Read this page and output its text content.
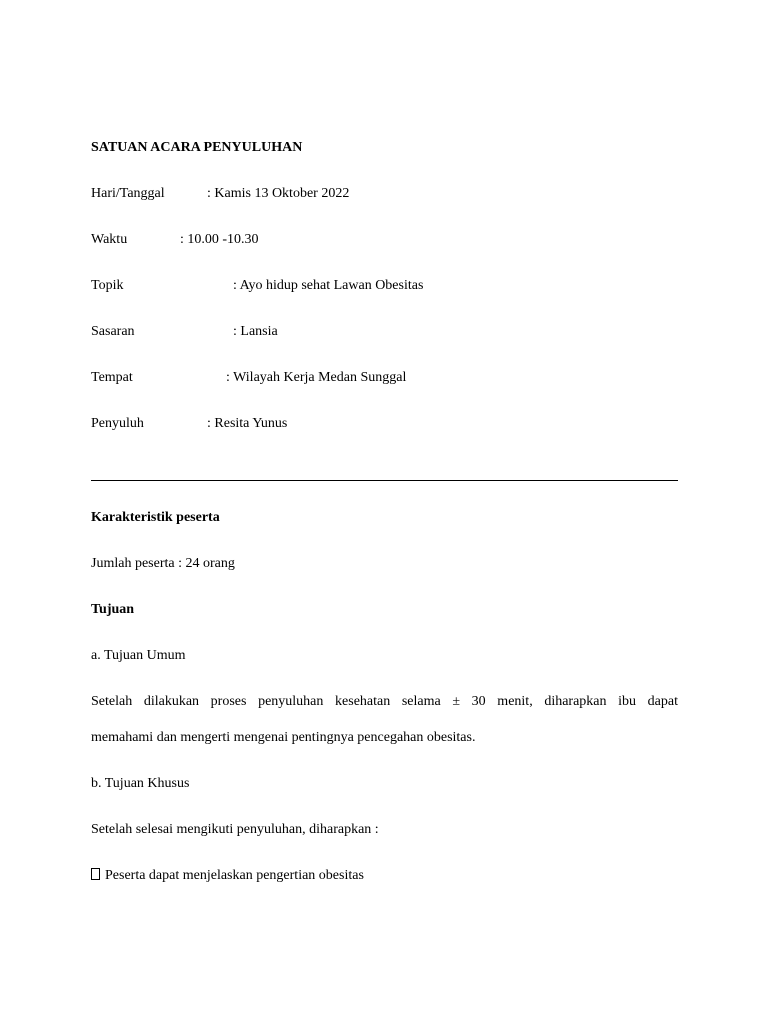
SATUAN ACARA PENYULUHAN
Hari/Tanggal	: Kamis 13 Oktober 2022
Waktu	: 10.00 -10.30
Topik	: Ayo hidup sehat Lawan Obesitas
Sasaran	: Lansia
Tempat	: Wilayah Kerja Medan Sunggal
Penyuluh	: Resita Yunus
Karakteristik peserta
Jumlah peserta : 24 orang
Tujuan
a. Tujuan Umum
Setelah dilakukan proses penyuluhan kesehatan selama ± 30 menit, diharapkan ibu dapat
memahami dan mengerti mengenai pentingnya pencegahan obesitas.
b. Tujuan Khusus
Setelah selesai mengikuti penyuluhan, diharapkan :
Peserta dapat menjelaskan pengertian obesitas
